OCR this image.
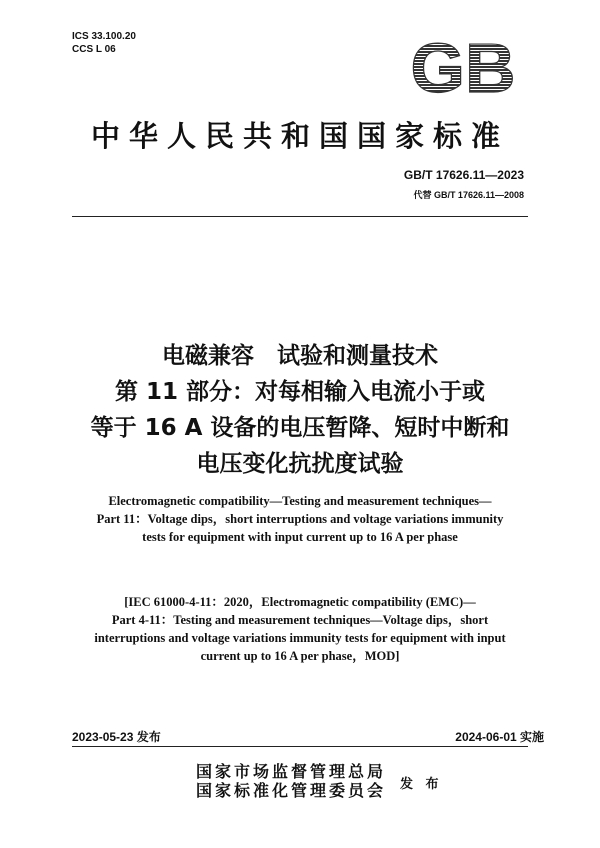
ICS 33.100.20
CCS L 06	GB
中华人民共和国国家标准
GB/T 17626.11—2023
代替 GB/T 17626.11—2008
电磁兼容　试验和测量技术
第 11 部分：对每相输入电流小于或
等于 16 A 设备的电压暂降、短时中断和
电压变化抗扰度试验
Electromagnetic compatibility—Testing and measurement techniques—
Part 11：Voltage dips，short interruptions and voltage variations immunity
tests for equipment with input current up to 16 A per phase
[IEC 61000-4-11：2020，Electromagnetic compatibility (EMC)—
Part 4-11：Testing and measurement techniques—Voltage dips，short
interruptions and voltage variations immunity tests for equipment with input
current up to 16 A per phase，MOD]
2023-05-23 发布	2024-06-01 实施
国家市场监督管理总局
国家标准化管理委员会 发 布
